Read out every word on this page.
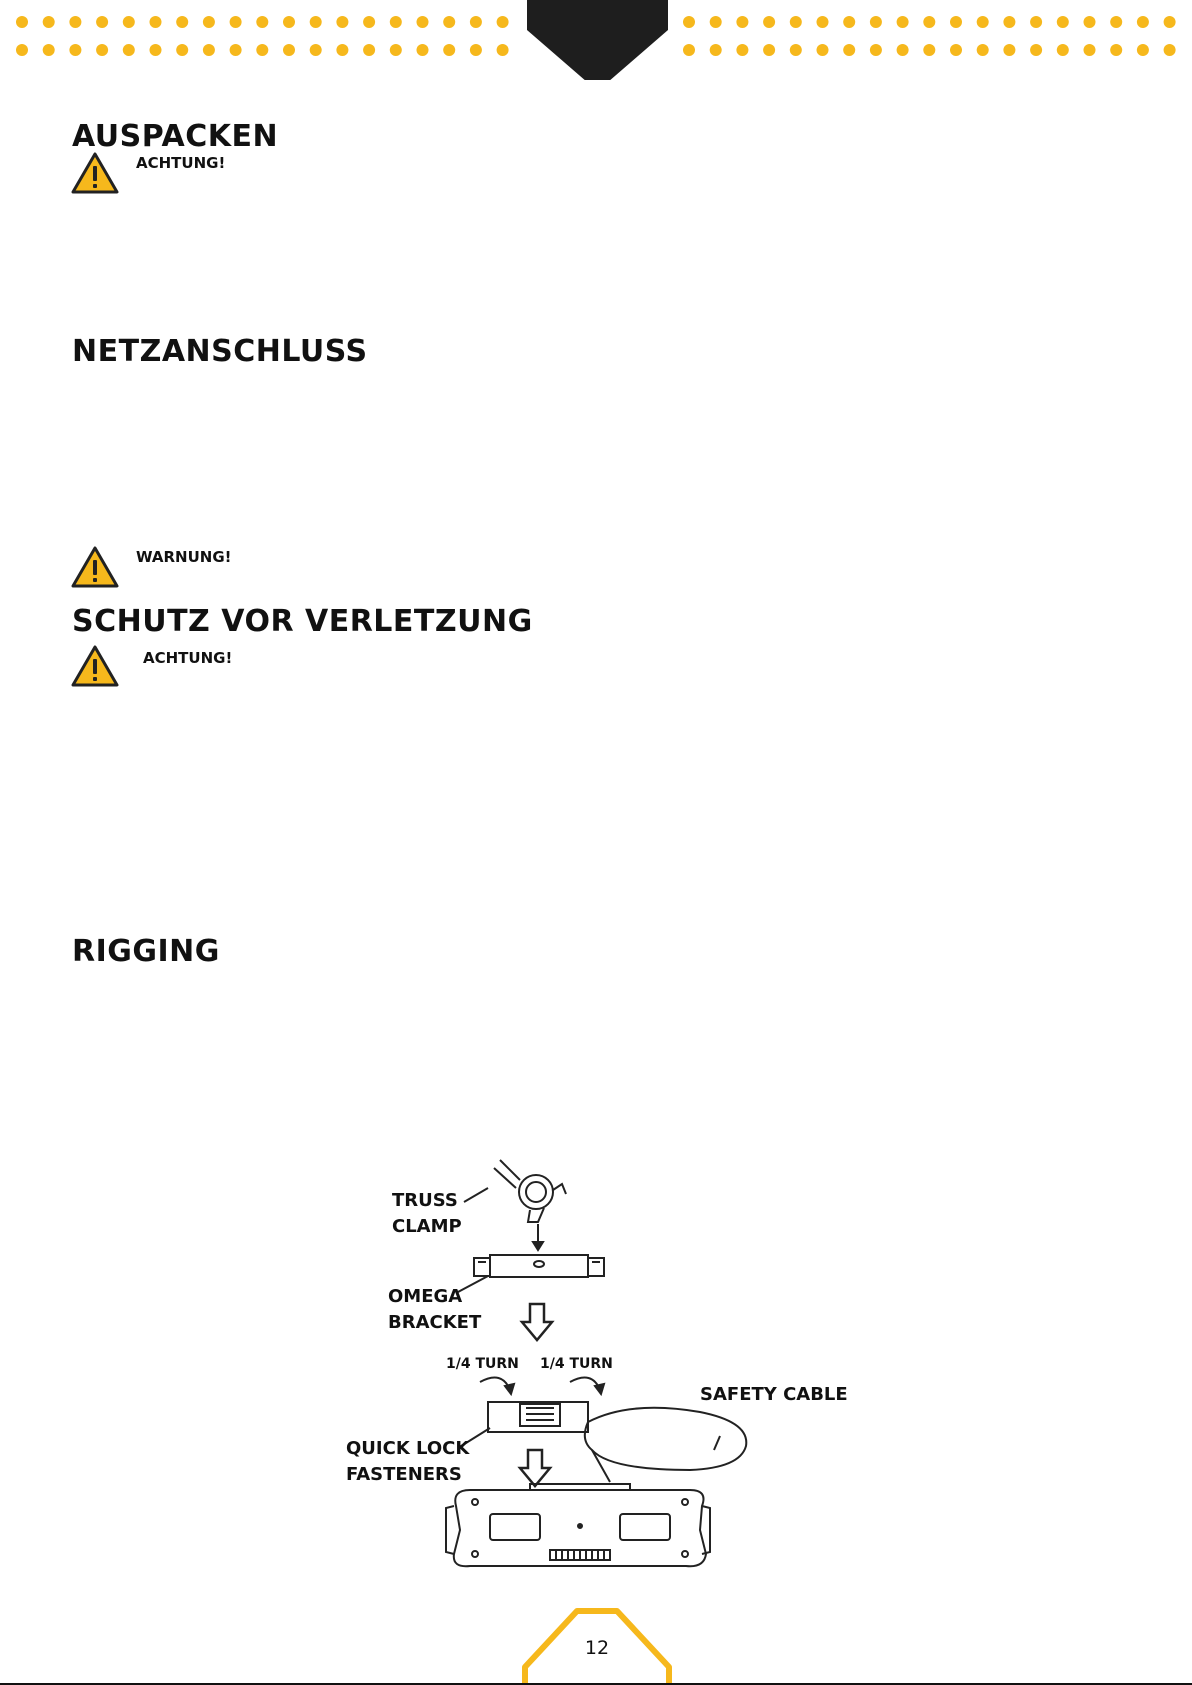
AUSPACKEN
ACHTUNG!
NETZANSCHLUSS
WARNUNG!
SCHUTZ VOR VERLETZUNG
ACHTUNG!
RIGGING
TRUSS
CLAMP
OMEGA
BRACKET
1/4 TURN 1/4 TURN
SAFETY CABLE
QUICK LOCK
FASTENERS
12
